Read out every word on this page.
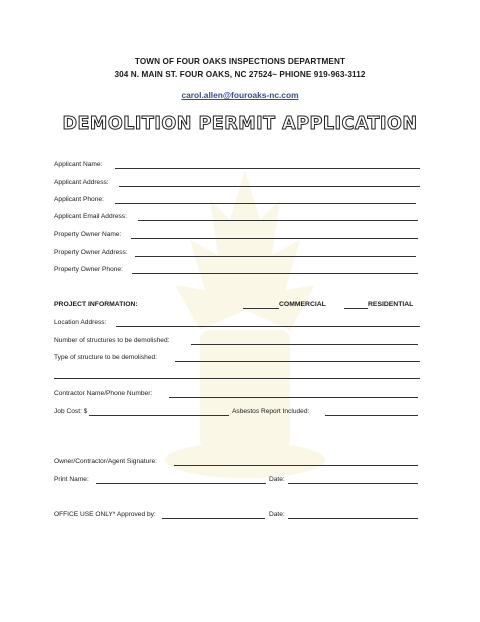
TOWN OF FOUR OAKS INSPECTIONS DEPARTMENT
304 N. MAIN ST. FOUR OAKS, NC 27524~ PHIONE 919-963-3112
carol.allen@fouroaks-nc.com
DEMOLITION PERMIT APPLICATION
Applicant Name:
Applicant Address:
Applicant Phone:
Applicant Email Address:
Property Owner Name:
Property Owner Address:
Property Owner Phone:
PROJECT INFORMATION:	COMMERCIAL	RESIDENTIAL
Location Address:
Number of structures to be demolished:
Type of structure to be demolished:
Contractor Name/Phone Number:
Job Cost: $	Asbestos Report Included:
Owner/Contractor/Agent Signature:
Print Name:	Date:
OFFICE USE ONLY* Approved by:	Date:
